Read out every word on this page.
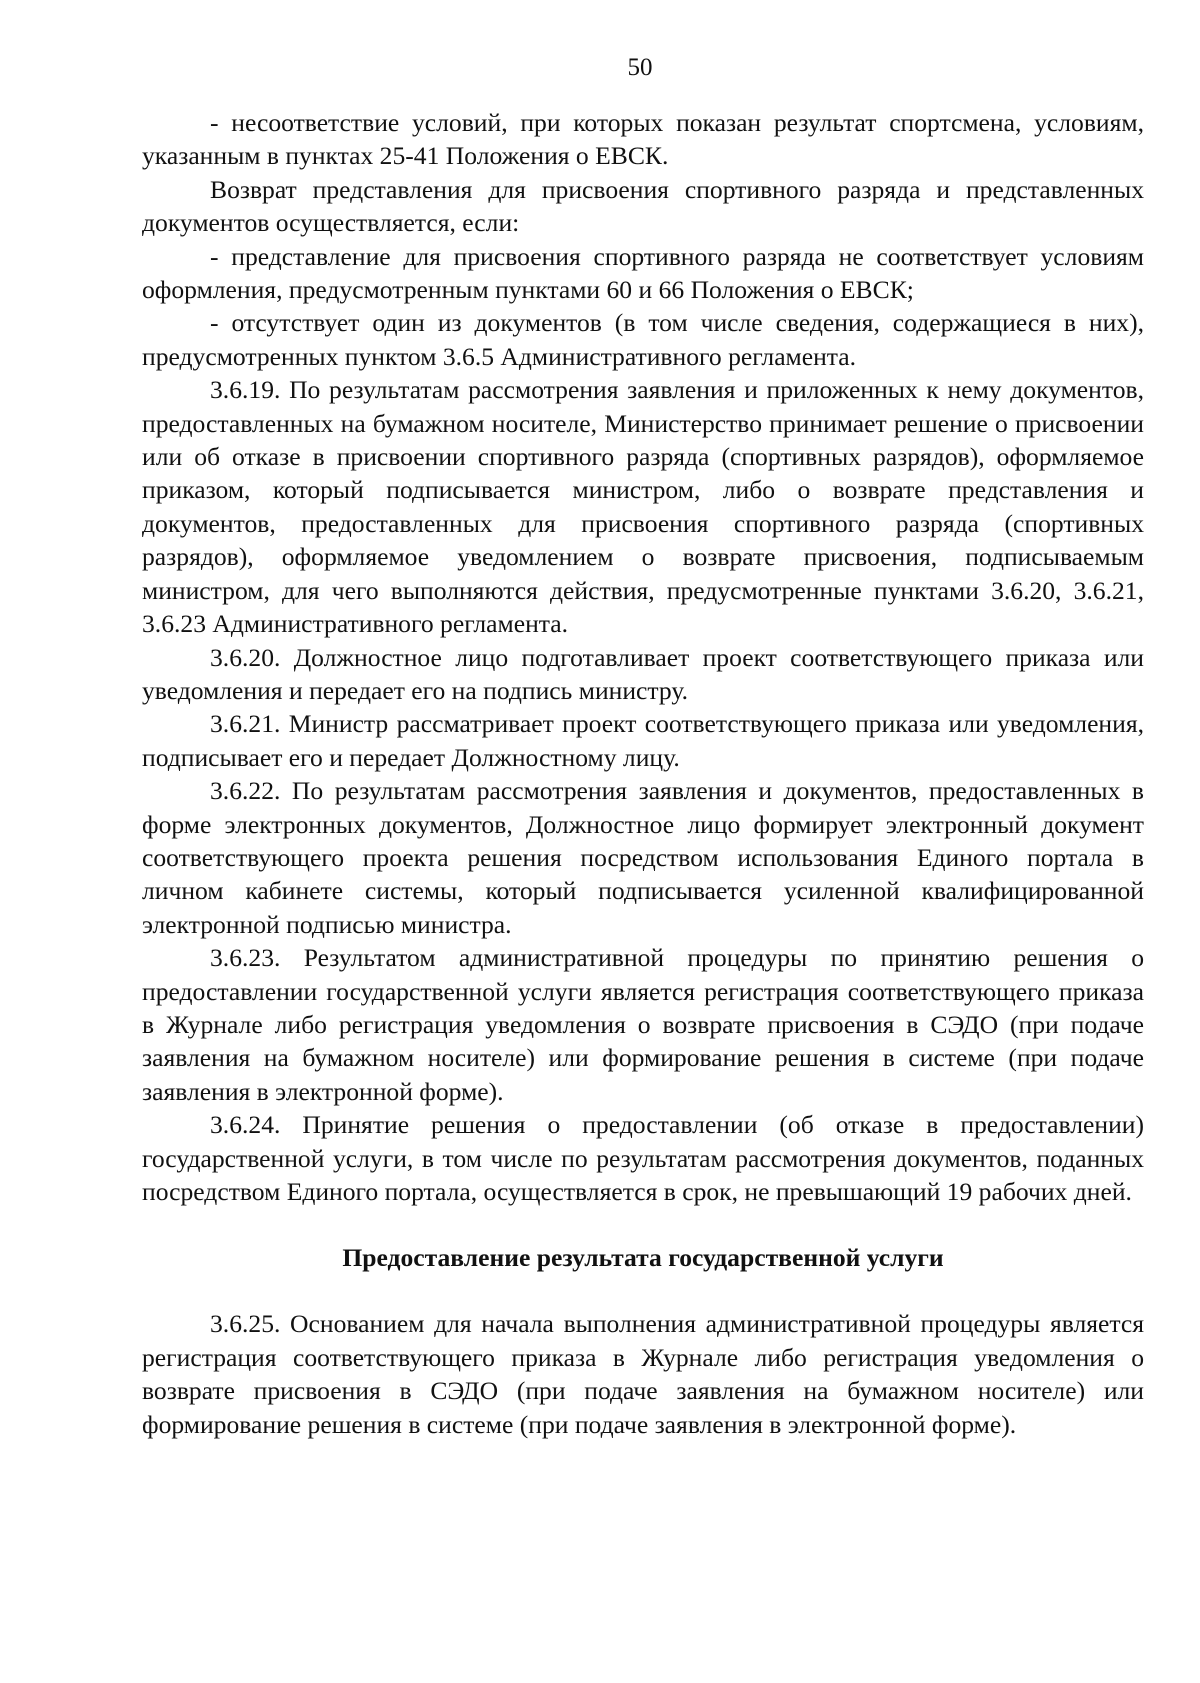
50

- несоответствие условий, при которых показан результат спортсмена, условиям, указанным в пунктах 25-41 Положения о ЕВСК.

Возврат представления для присвоения спортивного разряда и представленных документов осуществляется, если:

- представление для присвоения спортивного разряда не соответствует условиям оформления, предусмотренным пунктами 60 и 66 Положения о ЕВСК;

- отсутствует один из документов (в том числе сведения, содержащиеся в них), предусмотренных пунктом 3.6.5 Административного регламента.

3.6.19. По результатам рассмотрения заявления и приложенных к нему документов, предоставленных на бумажном носителе, Министерство принимает решение о присвоении или об отказе в присвоении спортивного разряда (спортивных разрядов), оформляемое приказом, который подписывается министром, либо о возврате представления и документов, предоставленных для присвоения спортивного разряда (спортивных разрядов), оформляемое уведомлением о возврате присвоения, подписываемым министром, для чего выполняются действия, предусмотренные пунктами 3.6.20, 3.6.21, 3.6.23 Административного регламента.

3.6.20. Должностное лицо подготавливает проект соответствующего приказа или уведомления и передает его на подпись министру.

3.6.21. Министр рассматривает проект соответствующего приказа или уведомления, подписывает его и передает Должностному лицу.

3.6.22. По результатам рассмотрения заявления и документов, предоставленных в форме электронных документов, Должностное лицо формирует электронный документ соответствующего проекта решения посредством использования Единого портала в личном кабинете системы, который подписывается усиленной квалифицированной электронной подписью министра.

3.6.23. Результатом административной процедуры по принятию решения о предоставлении государственной услуги является регистрация соответствующего приказа в Журнале либо регистрация уведомления о возврате присвоения в СЭДО (при подаче заявления на бумажном носителе) или формирование решения в системе (при подаче заявления в электронной форме).

3.6.24. Принятие решения о предоставлении (об отказе в предоставлении) государственной услуги, в том числе по результатам рассмотрения документов, поданных посредством Единого портала, осуществляется в срок, не превышающий 19 рабочих дней.

Предоставление результата государственной услуги

3.6.25. Основанием для начала выполнения административной процедуры является регистрация соответствующего приказа в Журнале либо регистрация уведомления о возврате присвоения в СЭДО (при подаче заявления на бумажном носителе) или формирование решения в системе (при подаче заявления в электронной форме).
